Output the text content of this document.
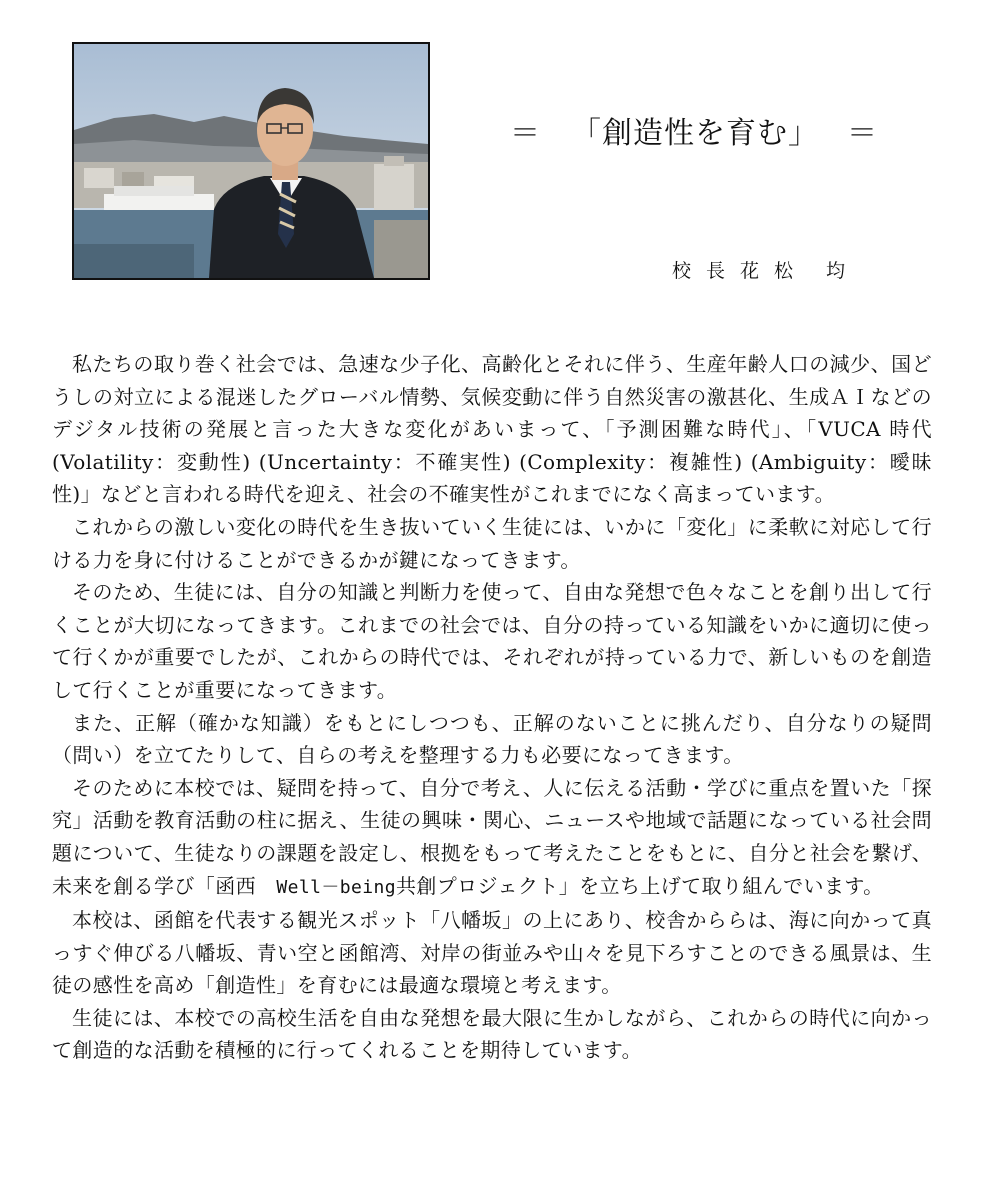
＝ 「創造性を育む」 ＝
校長花松 均

私たちの取り巻く社会では、急速な少子化、高齢化とそれに伴う、生産年齢人口の減少、国どうしの対立による混迷したグローバル情勢、気候変動に伴う自然災害の激甚化、生成ＡＩなどのデジタル技術の発展と言った大きな変化があいまって、「予測困難な時代」、「VUCA 時代 (Volatility：変動性) (Uncertainty：不確実性) (Complexity：複雑性) (Ambiguity：曖昧性)」などと言われる時代を迎え、社会の不確実性がこれまでになく高まっています。

これからの激しい変化の時代を生き抜いていく生徒には、いかに「変化」に柔軟に対応して行ける力を身に付けることができるかが鍵になってきます。

そのため、生徒には、自分の知識と判断力を使って、自由な発想で色々なことを創り出して行くことが大切になってきます。これまでの社会では、自分の持っている知識をいかに適切に使って行くかが重要でしたが、これからの時代では、それぞれが持っている力で、新しいものを創造して行くことが重要になってきます。

また、正解（確かな知識）をもとにしつつも、正解のないことに挑んだり、自分なりの疑問（問い）を立てたりして、自らの考えを整理する力も必要になってきます。

そのために本校では、疑問を持って、自分で考え、人に伝える活動・学びに重点を置いた「探究」活動を教育活動の柱に据え、生徒の興味・関心、ニュースや地域で話題になっている社会問題について、生徒なりの課題を設定し、根拠をもって考えたことをもとに、自分と社会を繋げ、未来を創る学び「函西　Well－being共創プロジェクト」を立ち上げて取り組んでいます。

本校は、函館を代表する観光スポット「八幡坂」の上にあり、校舎かららは、海に向かって真っすぐ伸びる八幡坂、青い空と函館湾、対岸の街並みや山々を見下ろすことのできる風景は、生徒の感性を高め「創造性」を育むには最適な環境と考えます。

生徒には、本校での高校生活を自由な発想を最大限に生かしながら、これからの時代に向かって創造的な活動を積極的に行ってくれることを期待しています。
